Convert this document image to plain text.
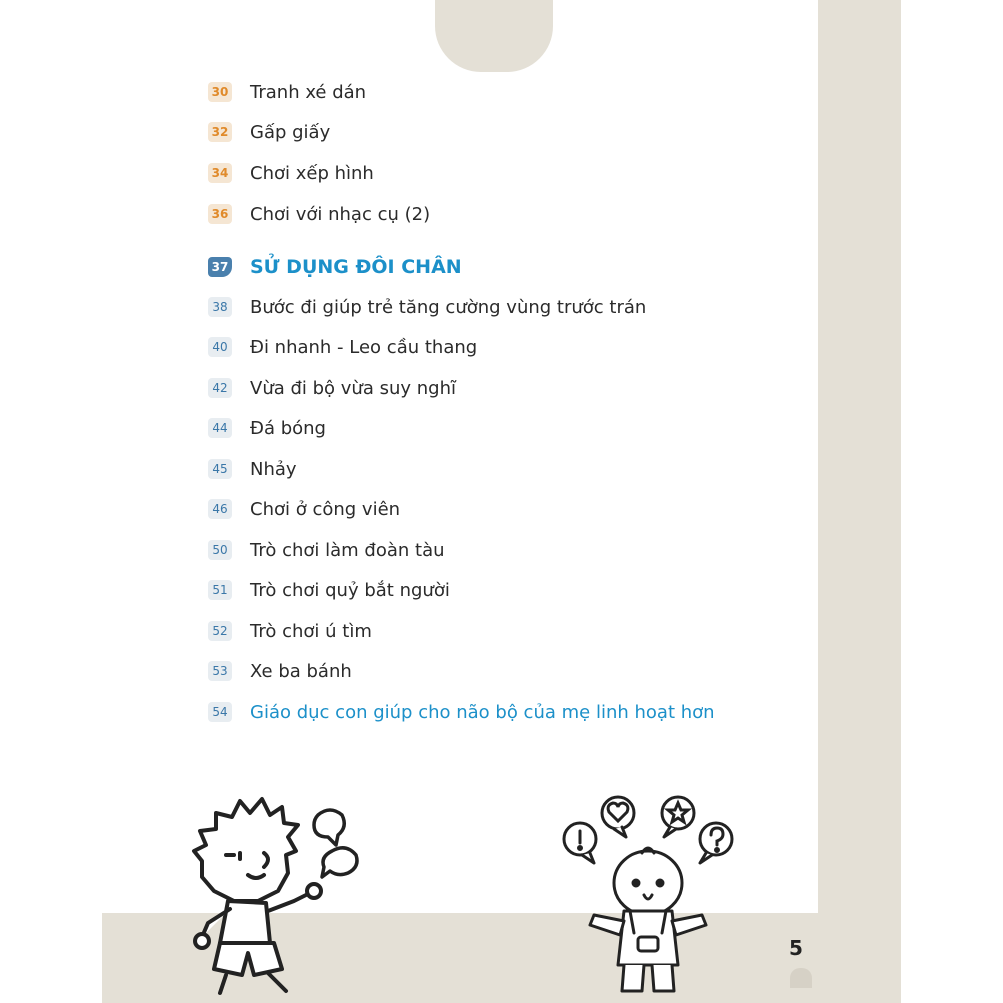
30 Tranh xé dán
32 Gấp giấy
34 Chơi xếp hình
36 Chơi với nhạc cụ (2)
37 SỬ DỤNG ĐÔI CHÂN
38 Bước đi giúp trẻ tăng cường vùng trước trán
40 Đi nhanh - Leo cầu thang
42 Vừa đi bộ vừa suy nghĩ
44 Đá bóng
45 Nhảy
46 Chơi ở công viên
50 Trò chơi làm đoàn tàu
51 Trò chơi quỷ bắt người
52 Trò chơi ú tìm
53 Xe ba bánh
54 Giáo dục con giúp cho não bộ của mẹ linh hoạt hơn
5
